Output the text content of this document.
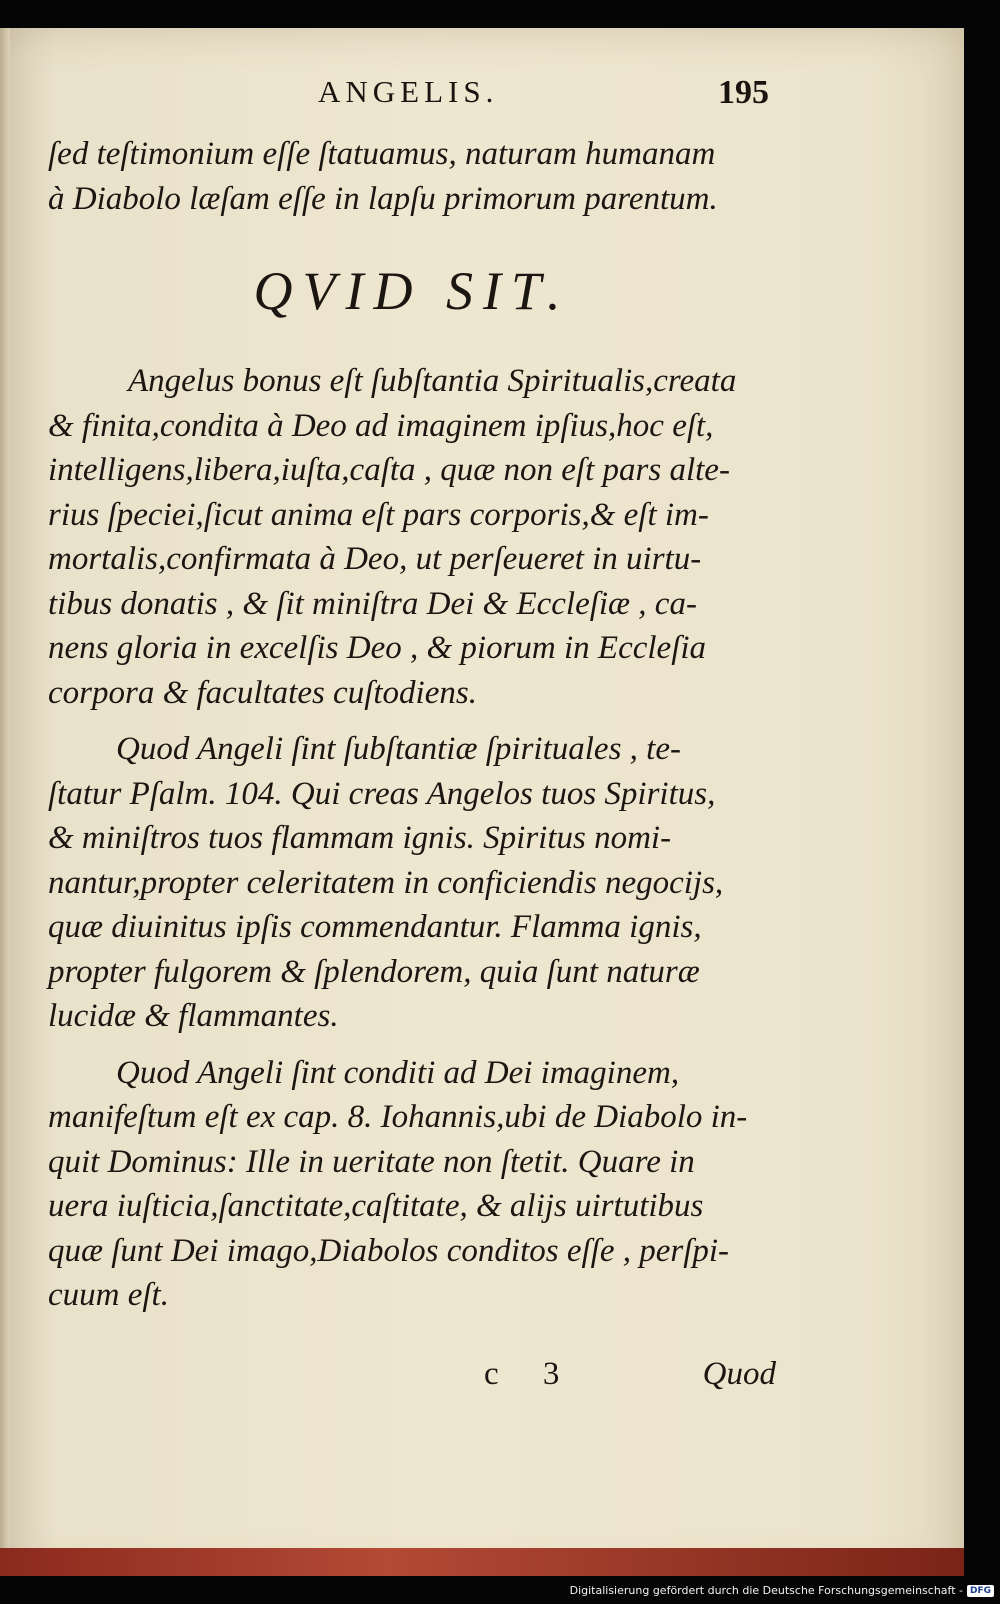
ANGELIS.	195
ſed teſtimonium eſſe ſtatuamus, naturam humanam
à Diabolo læſam eſſe in lapſu primorum parentum.
QVID SIT.
Angelus bonus eſt ſubſtantia Spiritualis,creata
& finita,condita à Deo ad imaginem ipſius,hoc eſt,
intelligens,libera,iuſta,caſta , quæ non eſt pars alte-
rius ſpeciei,ſicut anima eſt pars corporis,& eſt im-
mortalis,confirmata à Deo, ut perſeueret in uirtu-
tibus donatis , & ſit miniſtra Dei & Eccleſiæ , ca-
nens gloria in excelſis Deo , & piorum in Eccleſia
corpora & facultates cuſtodiens.
Quod Angeli ſint ſubſtantiæ ſpirituales , te-
ſtatur Pſalm. 104. Qui creas Angelos tuos Spiritus,
& miniſtros tuos flammam ignis. Spiritus nomi-
nantur,propter celeritatem in conficiendis negocijs,
quæ diuinitus ipſis commendantur. Flamma ignis,
propter fulgorem & ſplendorem, quia ſunt naturæ
lucidæ & flammantes.
Quod Angeli ſint conditi ad Dei imaginem,
manifeſtum eſt ex cap. 8. Iohannis,ubi de Diabolo in-
quit Dominus: Ille in ueritate non ſtetit. Quare in
uera iuſticia,ſanctitate,caſtitate, & alijs uirtutibus
quæ ſunt Dei imago,Diabolos conditos eſſe , perſpi-
cuum eſt.
c 3	Quod
Digitalisierung gefördert durch die Deutsche Forschungsgemeinschaft - DFG
